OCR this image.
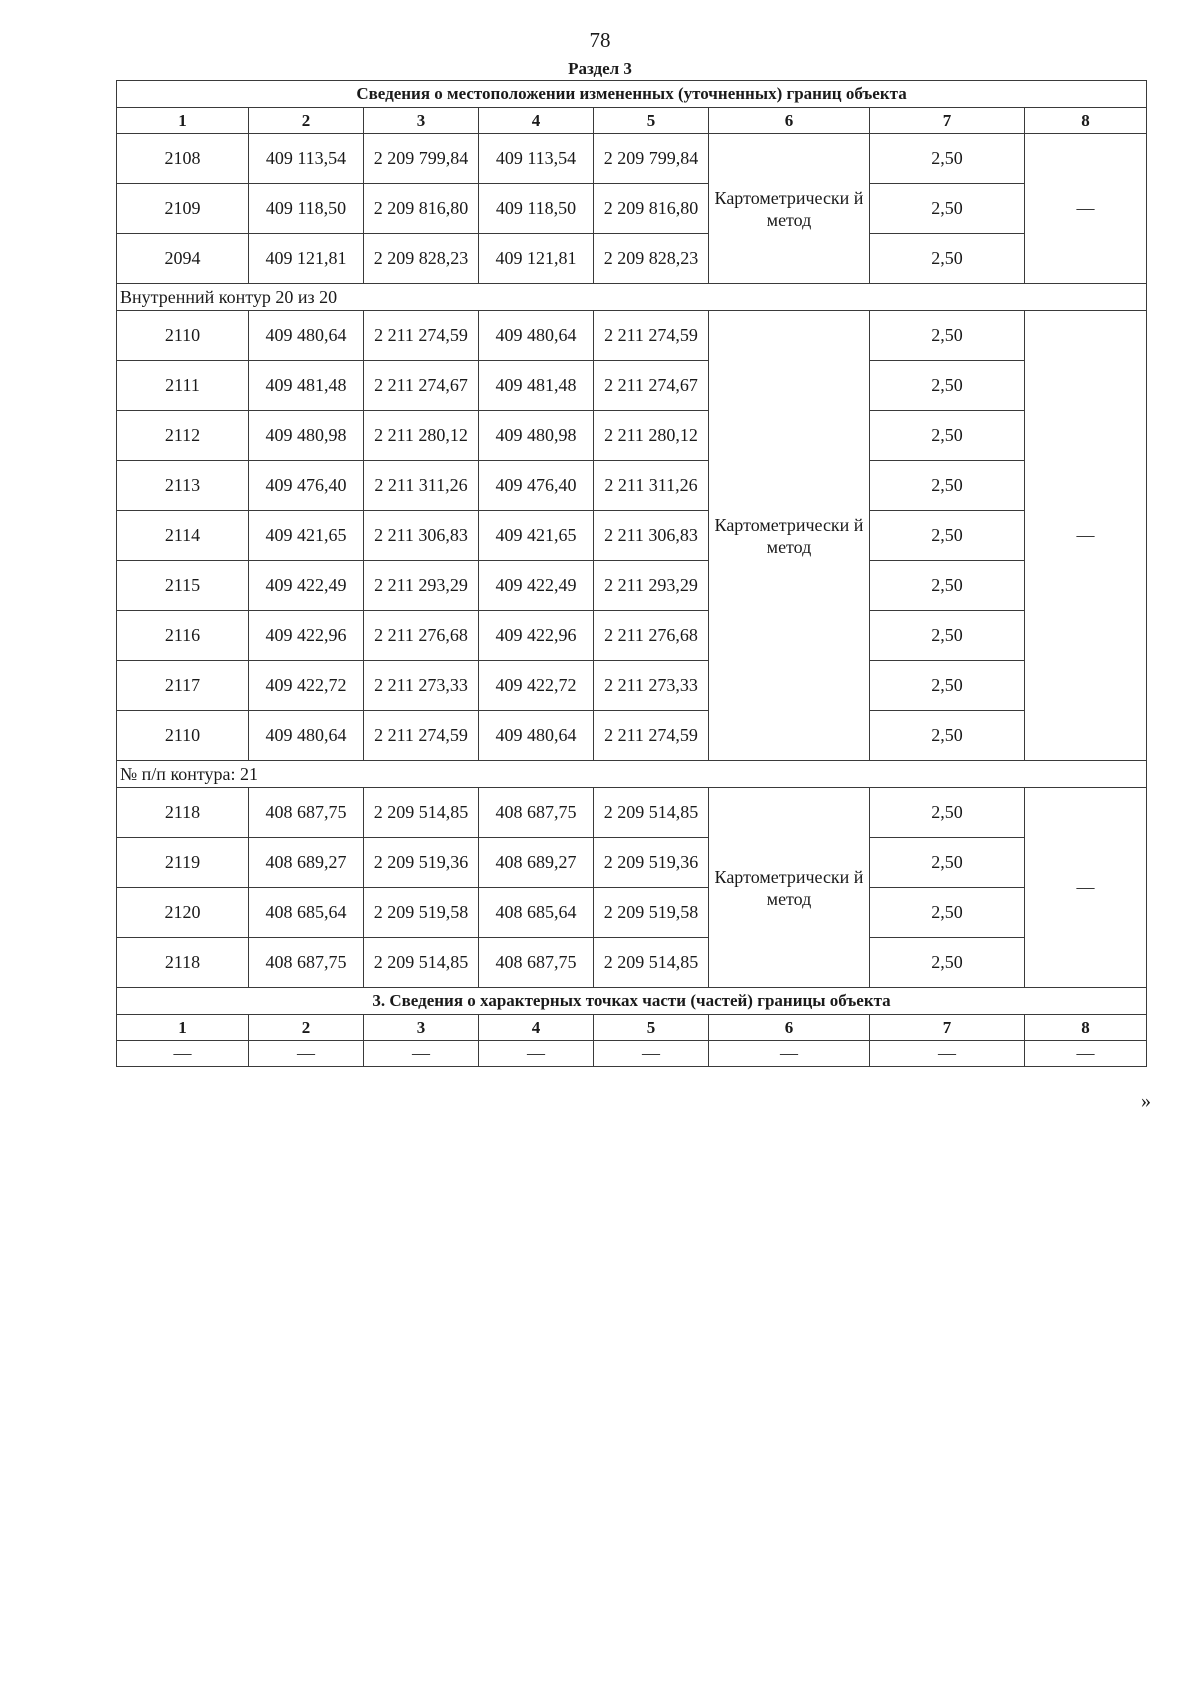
78
Раздел 3
Сведения о местоположении измененных (уточненных) границ объекта							
1	2	3	4	5	6	7	8
2108	409 113,54	2 209 799,84	409 113,54	2 209 799,84	Картометрически й метод	2,50	—
2109	409 118,50	2 209 816,80	409 118,50	2 209 816,80		2,50	
2094	409 121,81	2 209 828,23	409 121,81	2 209 828,23		2,50	
Внутренний контур 20 из 20							
2110	409 480,64	2 211 274,59	409 480,64	2 211 274,59	Картометрически й метод	2,50	—
2111	409 481,48	2 211 274,67	409 481,48	2 211 274,67		2,50	
2112	409 480,98	2 211 280,12	409 480,98	2 211 280,12		2,50	
2113	409 476,40	2 211 311,26	409 476,40	2 211 311,26		2,50	
2114	409 421,65	2 211 306,83	409 421,65	2 211 306,83		2,50	
2115	409 422,49	2 211 293,29	409 422,49	2 211 293,29		2,50	
2116	409 422,96	2 211 276,68	409 422,96	2 211 276,68		2,50	
2117	409 422,72	2 211 273,33	409 422,72	2 211 273,33		2,50	
2110	409 480,64	2 211 274,59	409 480,64	2 211 274,59		2,50	
№ п/п контура: 21							
2118	408 687,75	2 209 514,85	408 687,75	2 209 514,85	Картометрически й метод	2,50	—
2119	408 689,27	2 209 519,36	408 689,27	2 209 519,36		2,50	
2120	408 685,64	2 209 519,58	408 685,64	2 209 519,58		2,50	
2118	408 687,75	2 209 514,85	408 687,75	2 209 514,85		2,50	
3. Сведения о характерных точках части (частей) границы объекта							
1	2	3	4	5	6	7	8
—	—	—	—	—	—	—	—
»
